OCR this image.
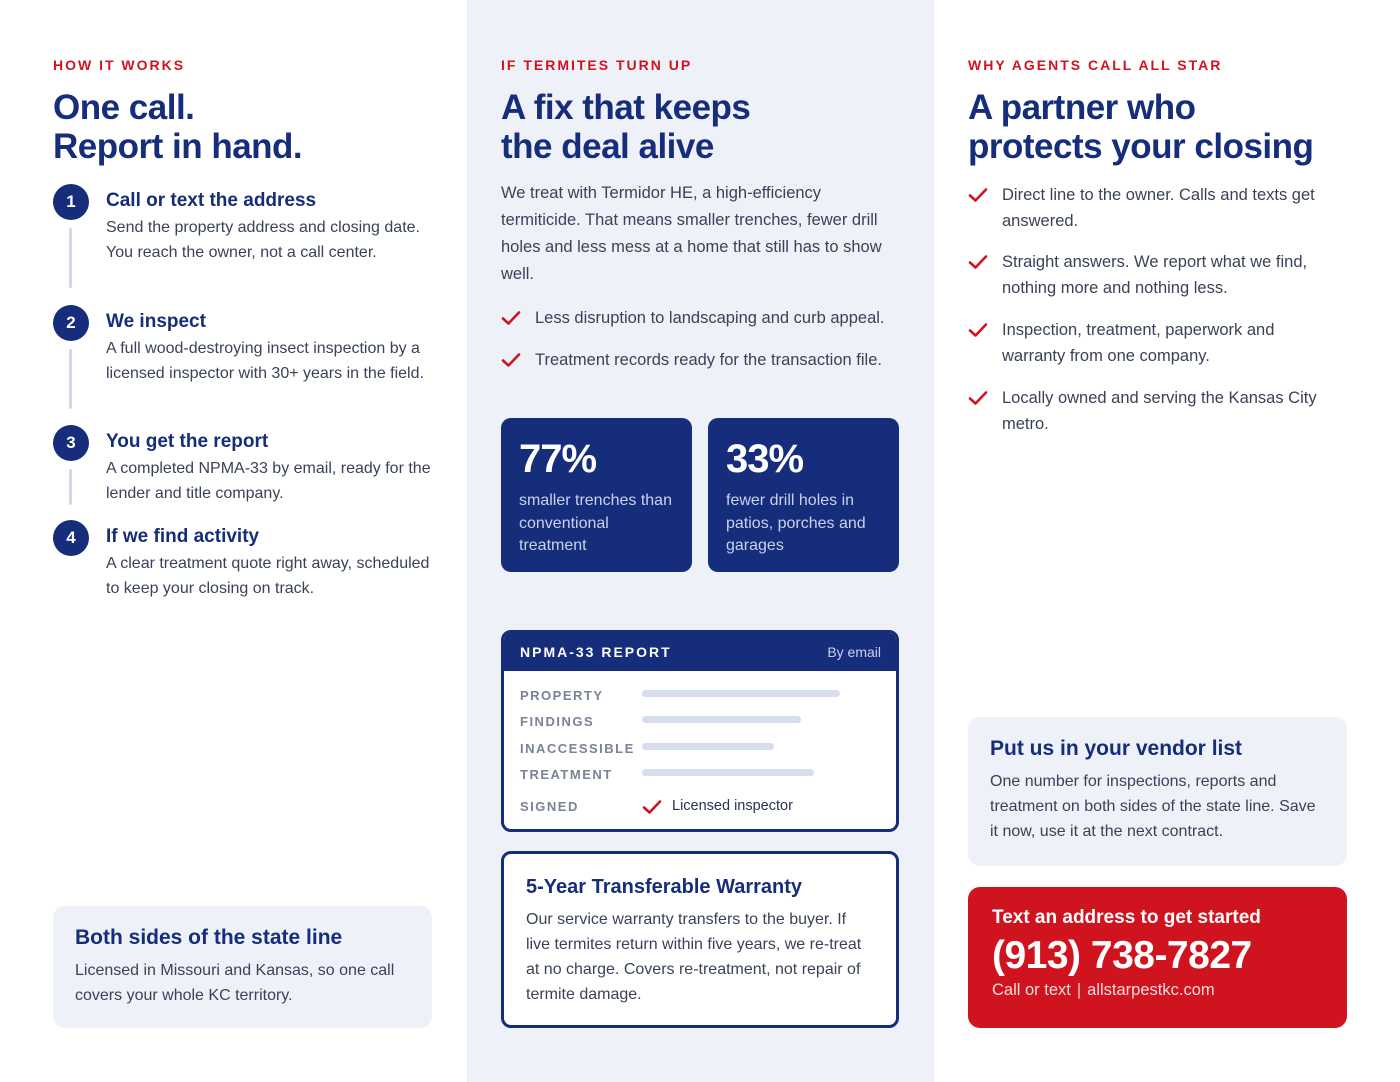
HOW IT WORKS
One call.
Report in hand.
1	Call or text the address
Send the property address and closing date. You reach the owner, not a call center.
2	We inspect
A full wood-destroying insect inspection by a licensed inspector with 30+ years in the field.
3	You get the report
A completed NPMA-33 by email, ready for the lender and title company.
4	If we find activity
A clear treatment quote right away, scheduled to keep your closing on track.
Both sides of the state line
Licensed in Missouri and Kansas, so one call covers your whole KC territory.
IF TERMITES TURN UP
A fix that keeps
the deal alive

We treat with Termidor HE, a high-efficiency termiticide. That means smaller trenches, fewer drill holes and less mess at a home that still has to show well.

Less disruption to landscaping and curb appeal.
Treatment records ready for the transaction file.
77%
smaller trenches than conventional treatment
33%
fewer drill holes in patios, porches and garages
NPMA-33 REPORT	By email
PROPERTY
FINDINGS
INACCESSIBLE
TREATMENT
SIGNED	Licensed inspector
5-Year Transferable Warranty
Our service warranty transfers to the buyer. If live termites return within five years, we re-treat at no charge. Covers re-treatment, not repair of termite damage.
WHY AGENTS CALL ALL STAR
A partner who
protects your closing
Direct line to the owner. Calls and texts get answered.
Straight answers. We report what we find, nothing more and nothing less.
Inspection, treatment, paperwork and warranty from one company.
Locally owned and serving the Kansas City metro.
Put us in your vendor list
One number for inspections, reports and treatment on both sides of the state line. Save it now, use it at the next contract.
Text an address to get started
(913) 738-7827
Call or text | allstarpestkc.com
